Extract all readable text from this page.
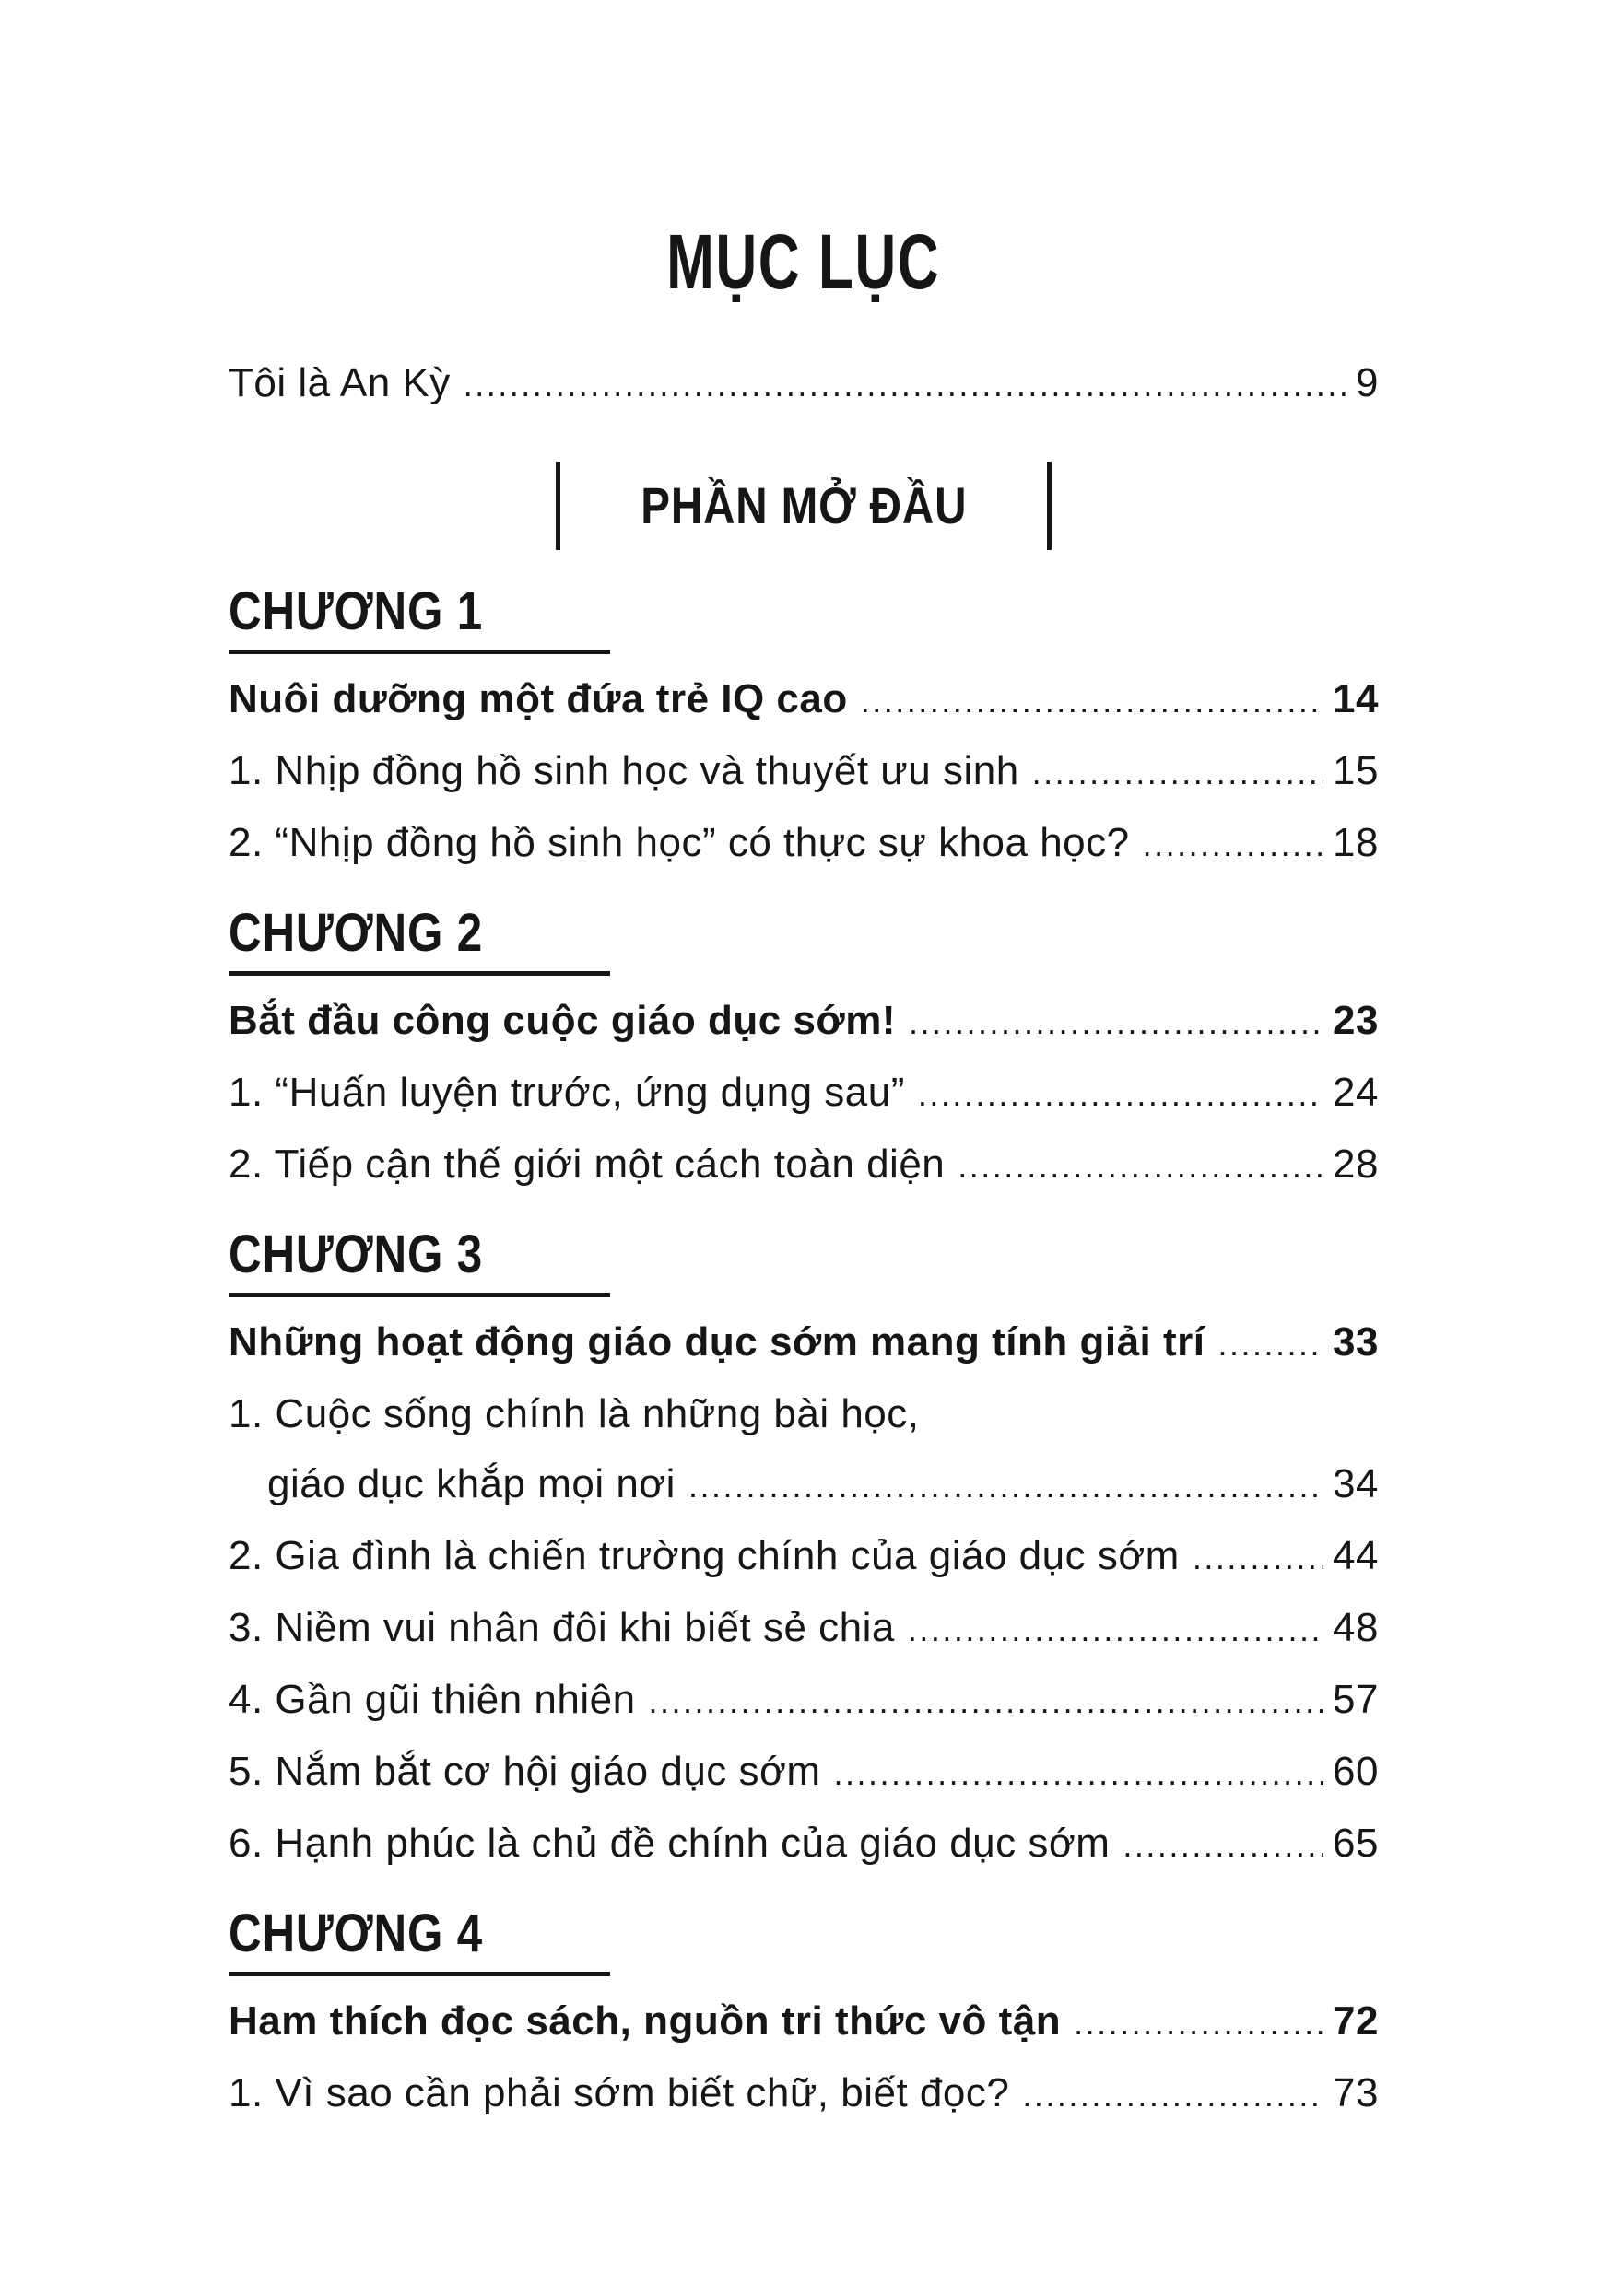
MỤC LỤC
Tôi là An Kỳ .....	9
PHẦN MỞ ĐẦU
CHƯƠNG 1
Nuôi dưỡng một đứa trẻ IQ cao .....	14
1. Nhịp đồng hồ sinh học và thuyết ưu sinh .....	15
2. “Nhịp đồng hồ sinh học” có thực sự khoa học? .....	18
CHƯƠNG 2
Bắt đầu công cuộc giáo dục sớm! .....	23
1. “Huấn luyện trước, ứng dụng sau” .....	24
2. Tiếp cận thế giới một cách toàn diện .....	28
CHƯƠNG 3
Những hoạt động giáo dục sớm mang tính giải trí .....	33
1. Cuộc sống chính là những bài học,
giáo dục khắp mọi nơi .....	34
2. Gia đình là chiến trường chính của giáo dục sớm .....	44
3. Niềm vui nhân đôi khi biết sẻ chia .....	48
4. Gần gũi thiên nhiên .....	57
5. Nắm bắt cơ hội giáo dục sớm .....	60
6. Hạnh phúc là chủ đề chính của giáo dục sớm .....	65
CHƯƠNG 4
Ham thích đọc sách, nguồn tri thức vô tận .....	72
1. Vì sao cần phải sớm biết chữ, biết đọc? .....	73
